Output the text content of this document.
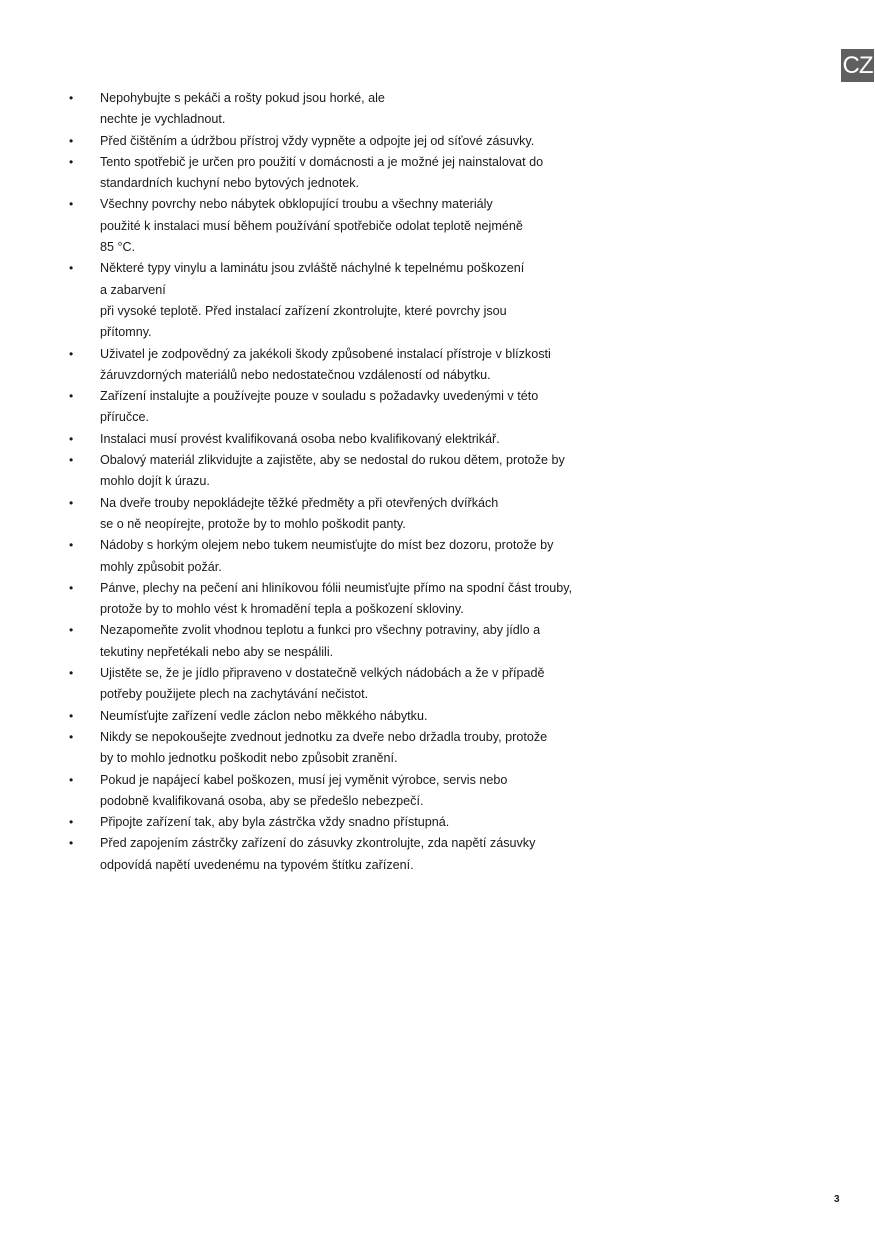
CZ
• Nepohybujte s pekáči a rošty pokud jsou horké, ale
nechte je vychladnout.
• Před čištěním a údržbou přístroj vždy vypněte a odpojte jej od síťové zásuvky.
• Tento spotřebič je určen pro použití v domácnosti a je možné jej nainstalovat do
standardních kuchyní nebo bytových jednotek.
• Všechny povrchy nebo nábytek obklopující troubu a všechny materiály
použité k instalaci musí během používání spotřebiče odolat teplotě nejméně
85 °C.
• Některé typy vinylu a laminátu jsou zvláště náchylné k tepelnému poškození
a zabarvení
při vysoké teplotě. Před instalací zařízení zkontrolujte, které povrchy jsou
přítomny.
• Uživatel je zodpovědný za jakékoli škody způsobené instalací přístroje v blízkosti
žáruvzdorných materiálů nebo nedostatečnou vzdáleností od nábytku.
• Zařízení instalujte a používejte pouze v souladu s požadavky uvedenými v této
příručce.
• Instalaci musí provést kvalifikovaná osoba nebo kvalifikovaný elektrikář.
• Obalový materiál zlikvidujte a zajistěte, aby se nedostal do rukou dětem, protože by
mohlo dojít k úrazu.
• Na dveře trouby nepokládejte těžké předměty a při otevřených dvířkách
se o ně neopírejte, protože by to mohlo poškodit panty.
• Nádoby s horkým olejem nebo tukem neumisťujte do míst bez dozoru, protože by
mohly způsobit požár.
• Pánve, plechy na pečení ani hliníkovou fólii neumisťujte přímo na spodní část trouby,
protože by to mohlo vést k hromadění tepla a poškození skloviny.
• Nezapomeňte zvolit vhodnou teplotu a funkci pro všechny potraviny, aby jídlo a
tekutiny nepřetékali nebo aby se nespálili.
• Ujistěte se, že je jídlo připraveno v dostatečně velkých nádobách a že v případě
potřeby použijete plech na zachytávání nečistot.
• Neumísťujte zařízení vedle záclon nebo měkkého nábytku.
• Nikdy se nepokoušejte zvednout jednotku za dveře nebo držadla trouby, protože
by to mohlo jednotku poškodit nebo způsobit zranění.
• Pokud je napájecí kabel poškozen, musí jej vyměnit výrobce, servis nebo
podobně kvalifikovaná osoba, aby se předešlo nebezpečí.
• Připojte zařízení tak, aby byla zástrčka vždy snadno přístupná.
• Před zapojením zástrčky zařízení do zásuvky zkontrolujte, zda napětí zásuvky
odpovídá napětí uvedenému na typovém štítku zařízení.
3
